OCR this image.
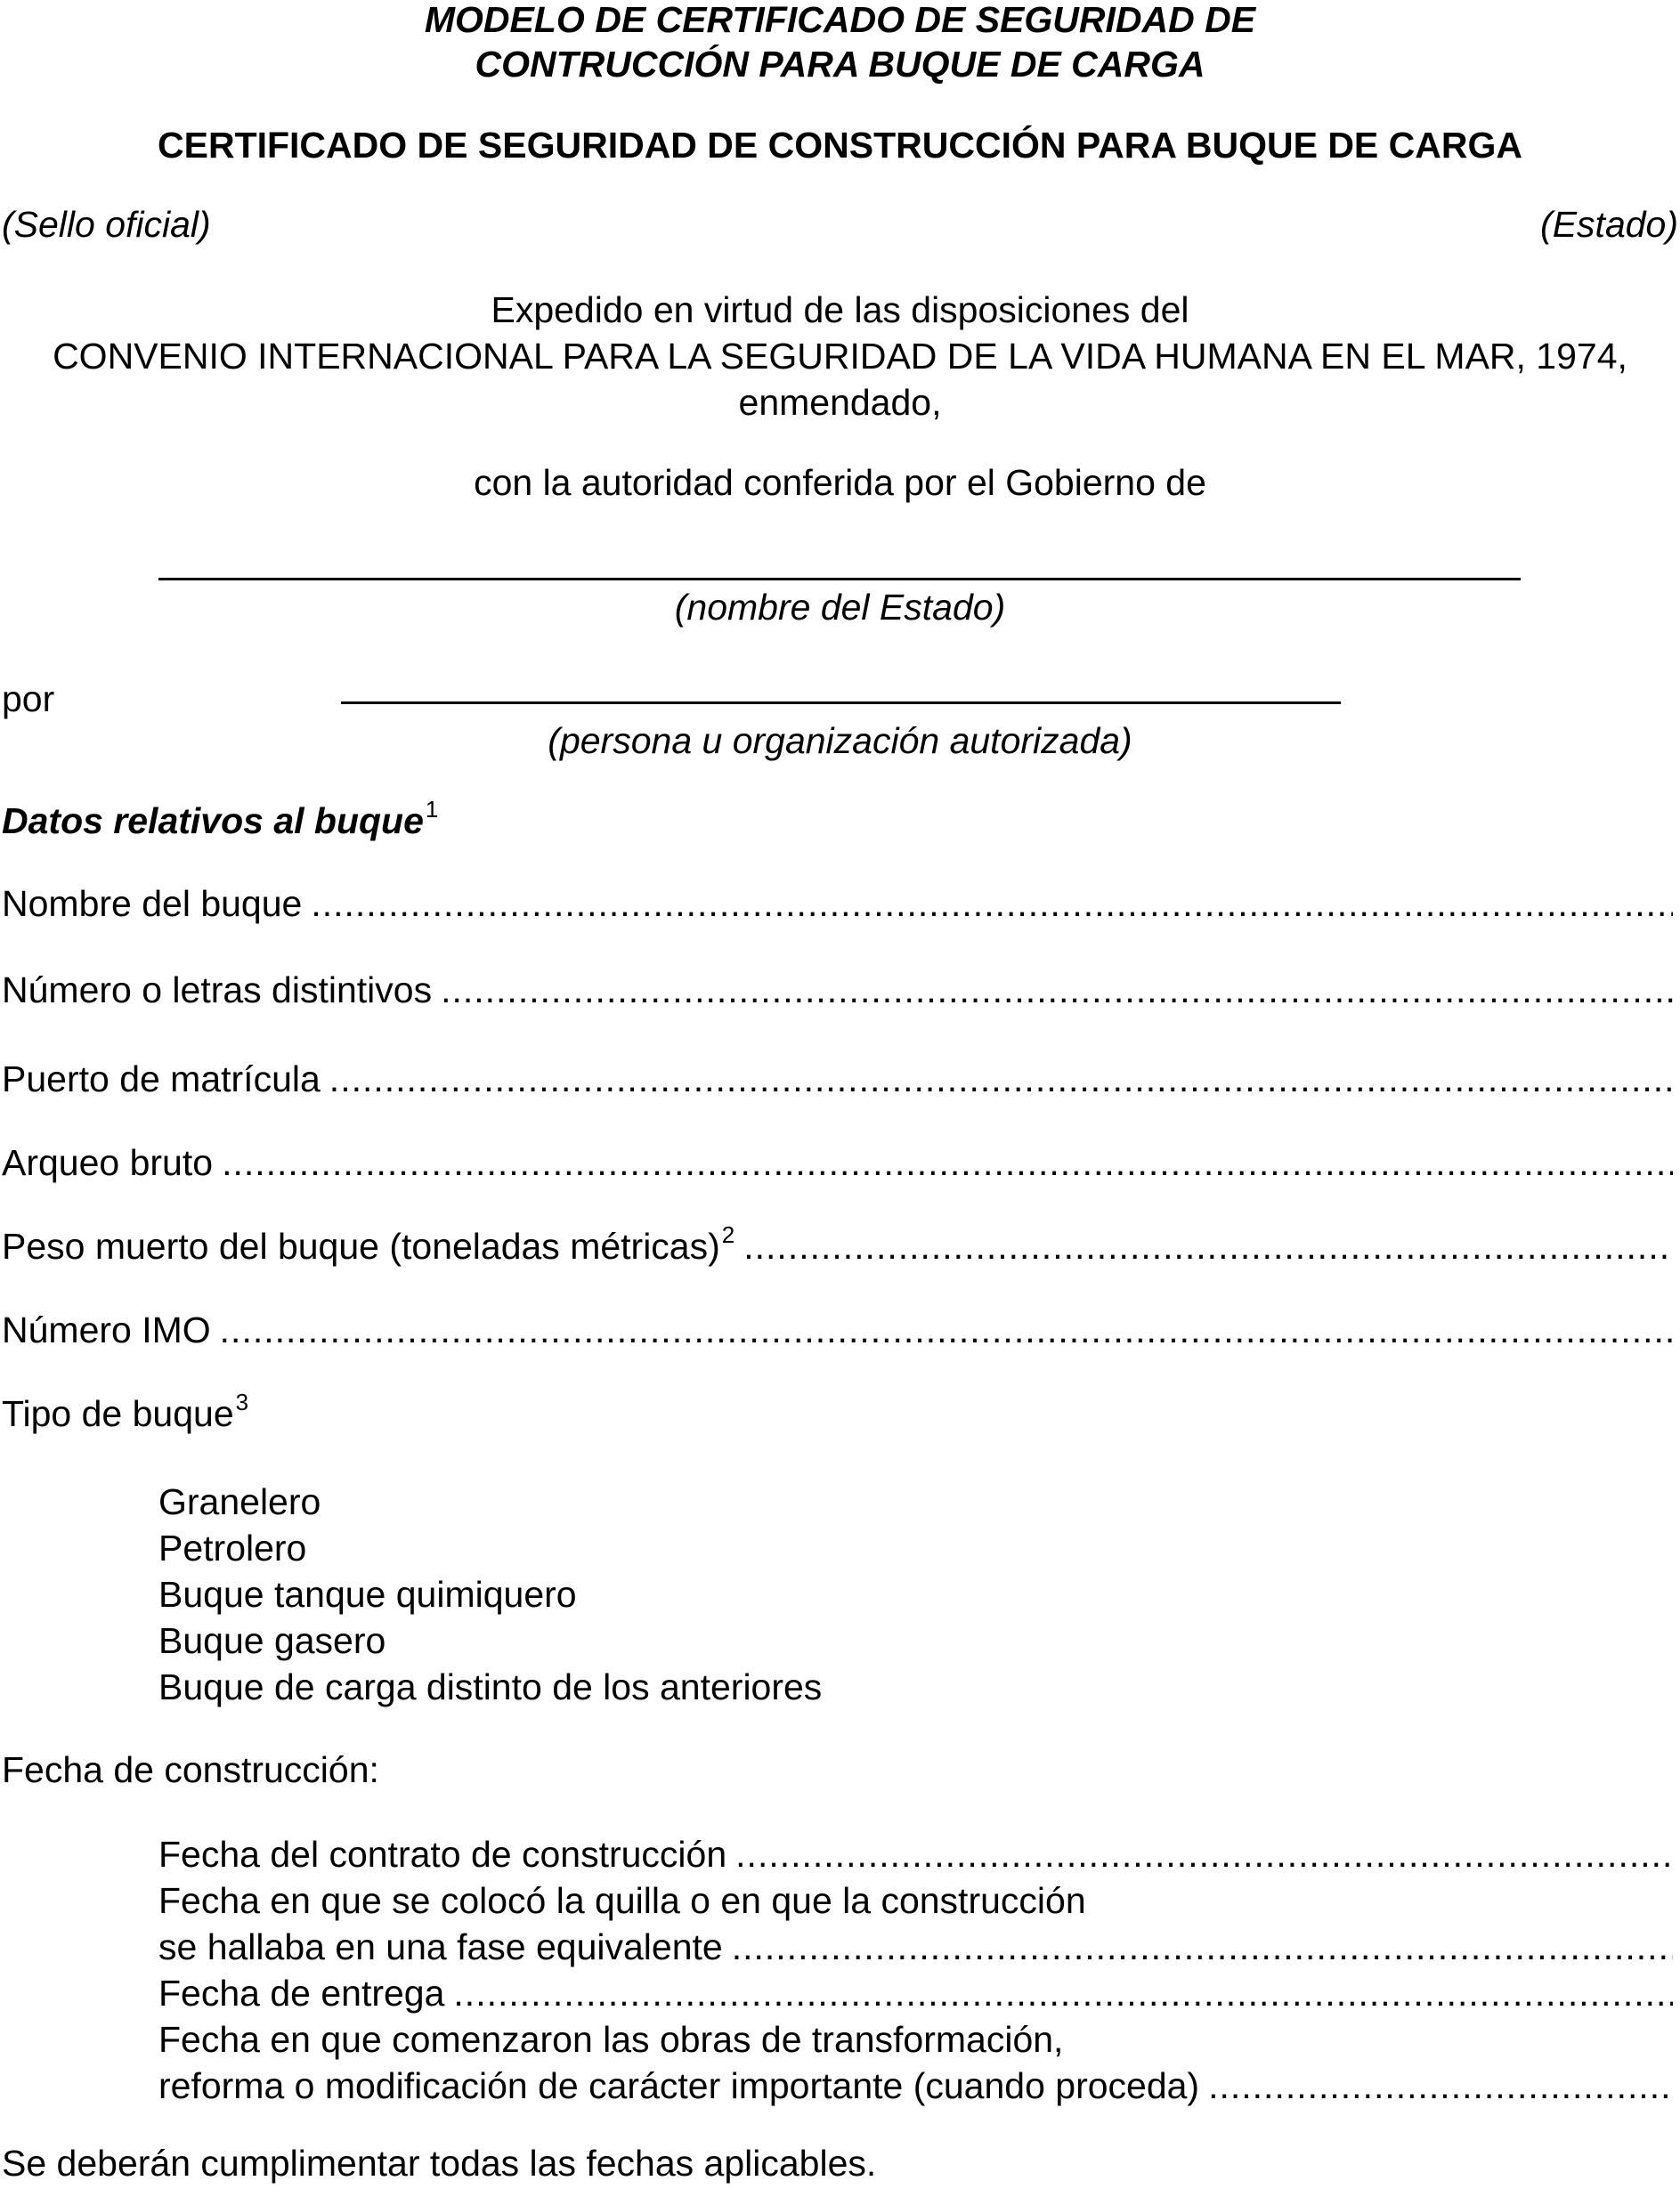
MODELO DE CERTIFICADO DE SEGURIDAD DE
CONTRUCCIÓN PARA BUQUE DE CARGA
CERTIFICADO DE SEGURIDAD DE CONSTRUCCIÓN PARA BUQUE DE CARGA
(Sello oficial)	(Estado)
Expedido en virtud de las disposiciones del
CONVENIO INTERNACIONAL PARA LA SEGURIDAD DE LA VIDA HUMANA EN EL MAR, 1974,
enmendado,
con la autoridad conferida por el Gobierno de
(nombre del Estado)
por
(persona u organización autorizada)
Datos relativos al buque$^1$
Nombre del buque
.....
Número o letras distintivos
.....
Puerto de matrícula
.....
Arqueo bruto
.....
Peso muerto del buque (toneladas métricas)$^2$
.....
Número IMO
.....
Tipo de buque$^3$
Granelero
Petrolero
Buque tanque quimiquero
Buque gasero
Buque de carga distinto de los anteriores
Fecha de construcción:
Fecha del contrato de construcción
.....
Fecha en que se colocó la quilla o en que la construcción
se hallaba en una fase equivalente
.....
Fecha de entrega
.....
Fecha en que comenzaron las obras de transformación,
reforma o modificación de carácter importante (cuando proceda)
.....
Se deberán cumplimentar todas las fechas aplicables.
